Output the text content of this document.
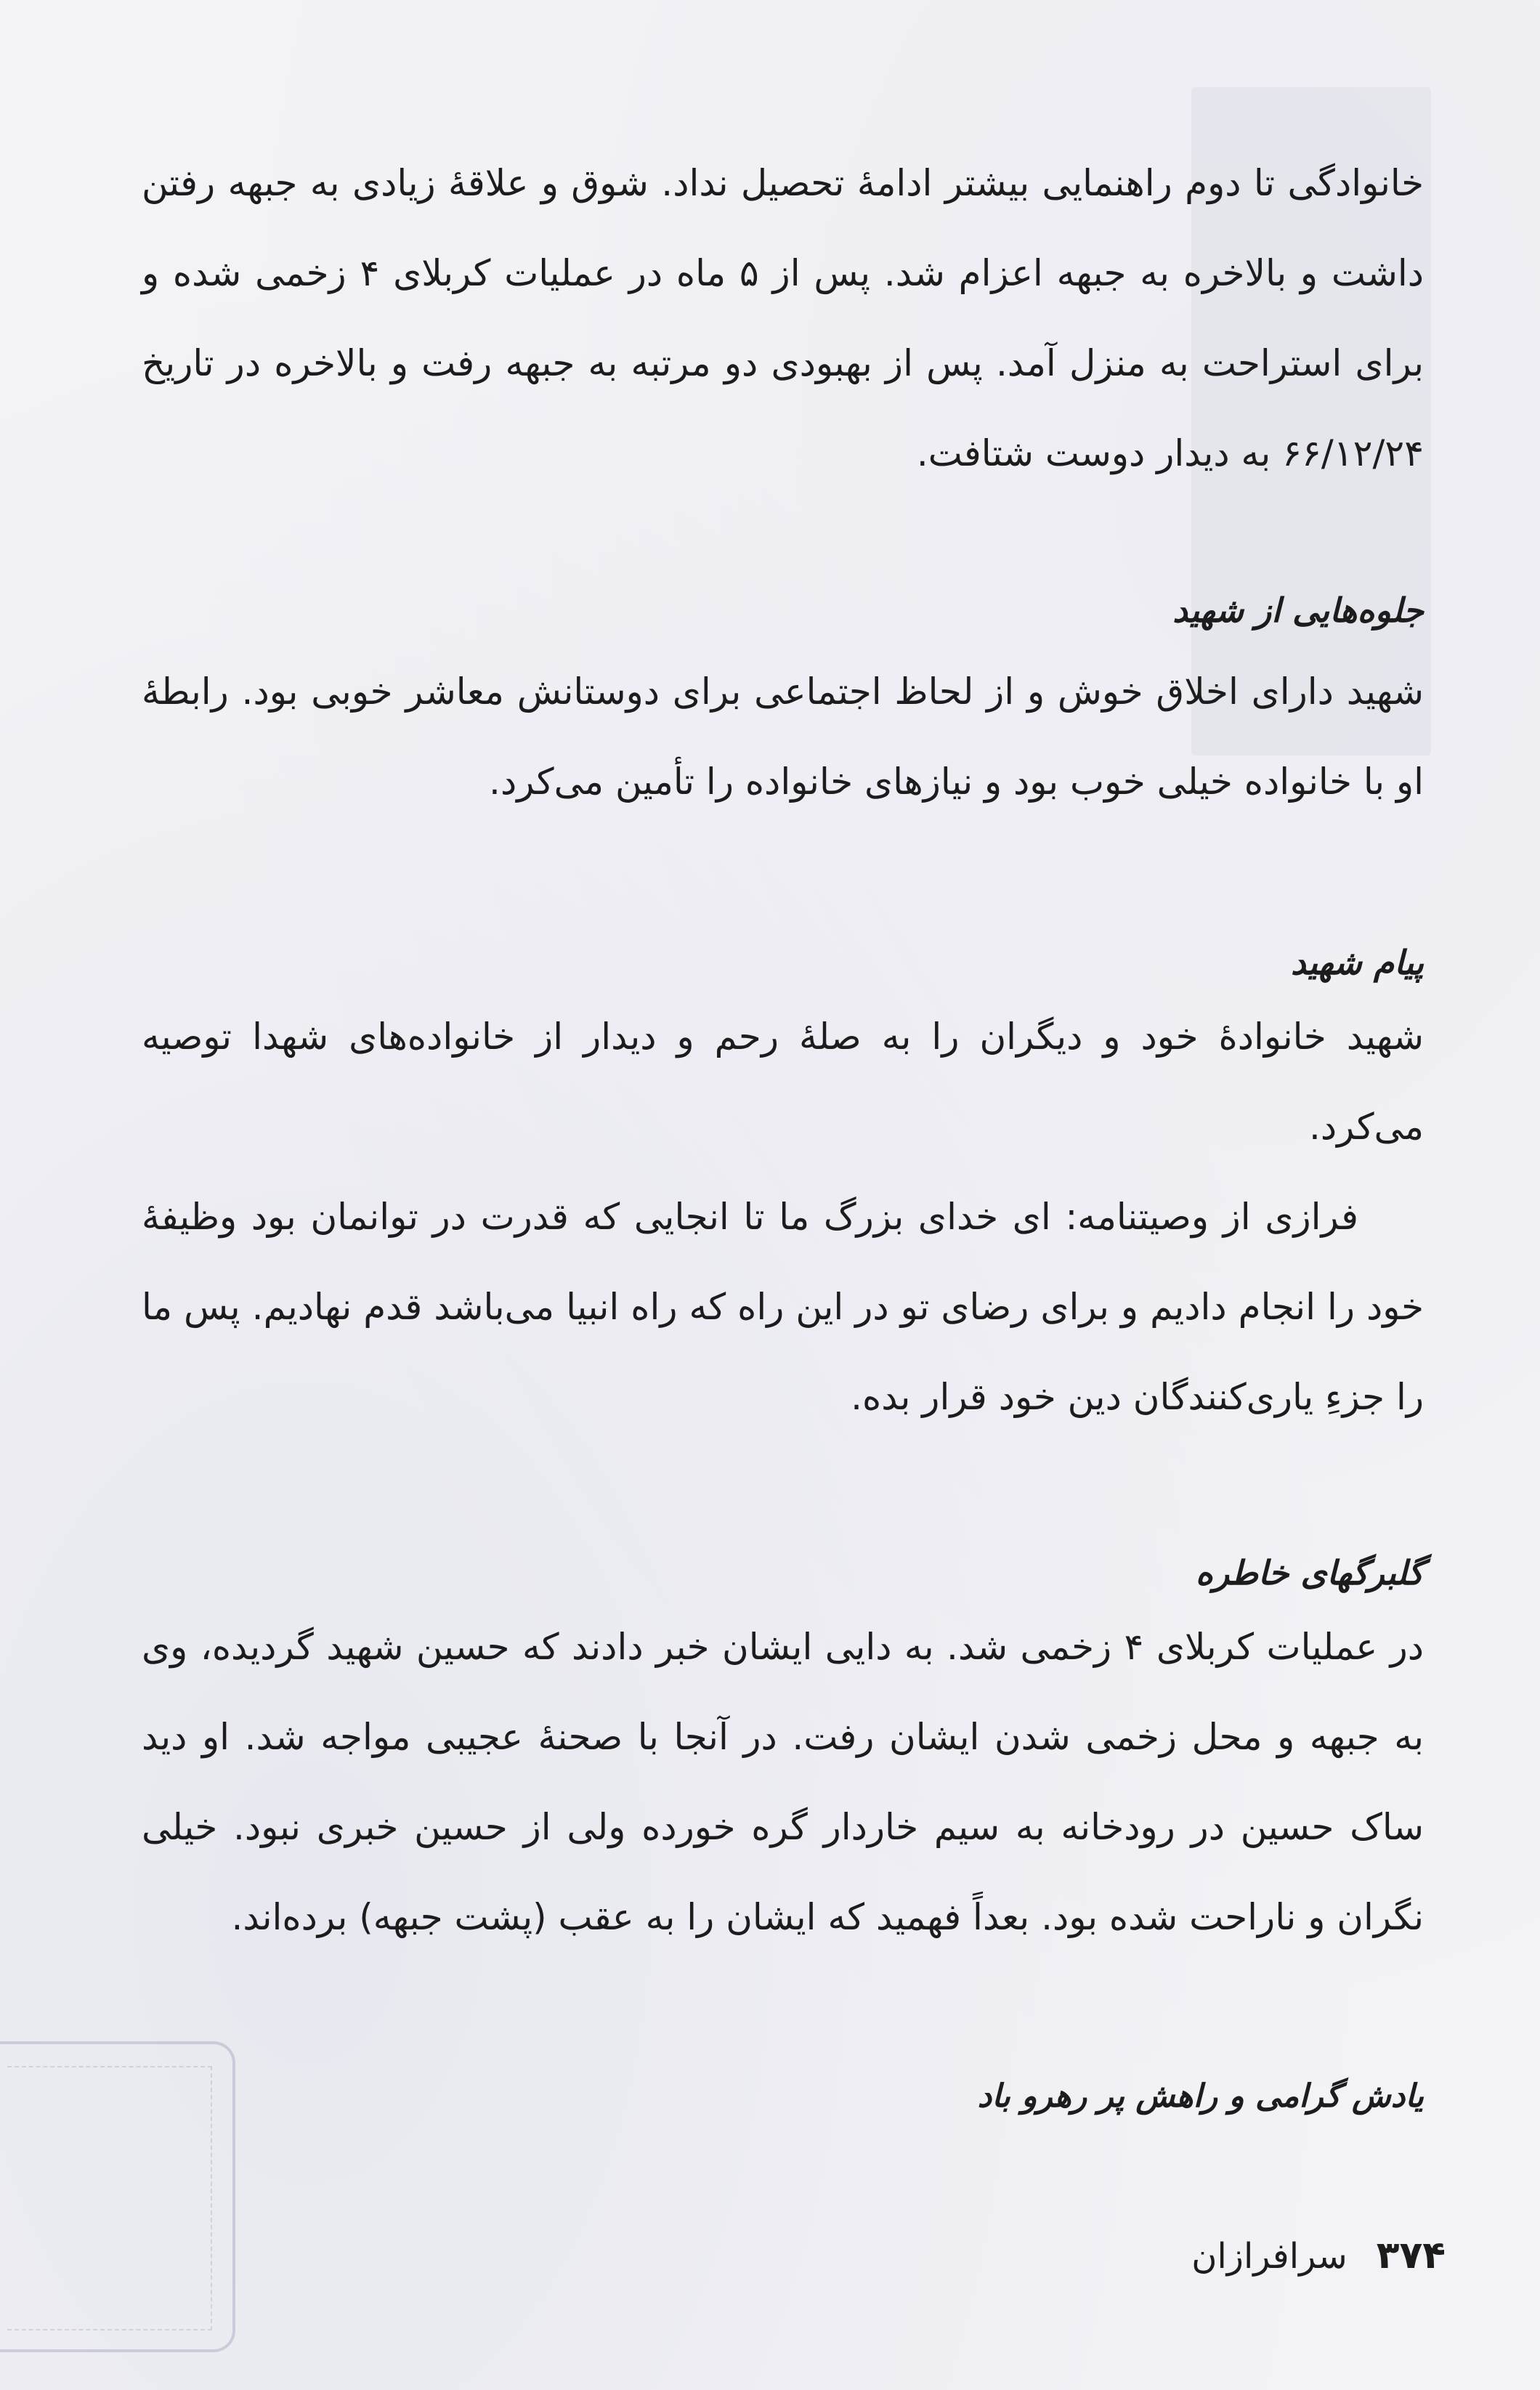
خانوادگی تا دوم راهنمایی بیشتر ادامهٔ تحصیل نداد. شوق و علاقهٔ زیادی به جبهه رفتن داشت و بالاخره به جبهه اعزام شد. پس از ۵ ماه در عملیات کربلای ۴ زخمی شده و برای استراحت به منزل آمد. پس از بهبودی دو مرتبه به جبهه رفت و بالاخره در تاریخ ۶۶/۱۲/۲۴ به دیدار دوست شتافت.

جلوه‌هایی از شهید

شهید دارای اخلاق خوش و از لحاظ اجتماعی برای دوستانش معاشر خوبی بود. رابطهٔ او با خانواده خیلی خوب بود و نیازهای خانواده را تأمین می‌کرد.

پیام شهید

شهید خانوادهٔ خود و دیگران را به صلهٔ رحم و دیدار از خانواده‌های شهدا توصیه می‌کرد.

فرازی از وصیتنامه: ای خدای بزرگ ما تا انجایی که قدرت در توانمان بود وظیفهٔ خود را انجام دادیم و برای رضای تو در این راه که راه انبیا می‌باشد قدم نهادیم. پس ما را جزءِ یاری‌کنندگان دین خود قرار بده.

گلبرگهای خاطره

در عملیات کربلای ۴ زخمی شد. به دایی ایشان خبر دادند که حسین شهید گردیده، وی به جبهه و محل زخمی شدن ایشان رفت. در آنجا با صحنهٔ عجیبی مواجه شد. او دید ساک حسین در رودخانه به سیم خاردار گره خورده ولی از حسین خبری نبود. خیلی نگران و ناراحت شده بود. بعداً فهمید که ایشان را به عقب (پشت جبهه) برده‌اند.

یادش گرامی و راهش پر رهرو باد

۳۷۴
سرافرازان
